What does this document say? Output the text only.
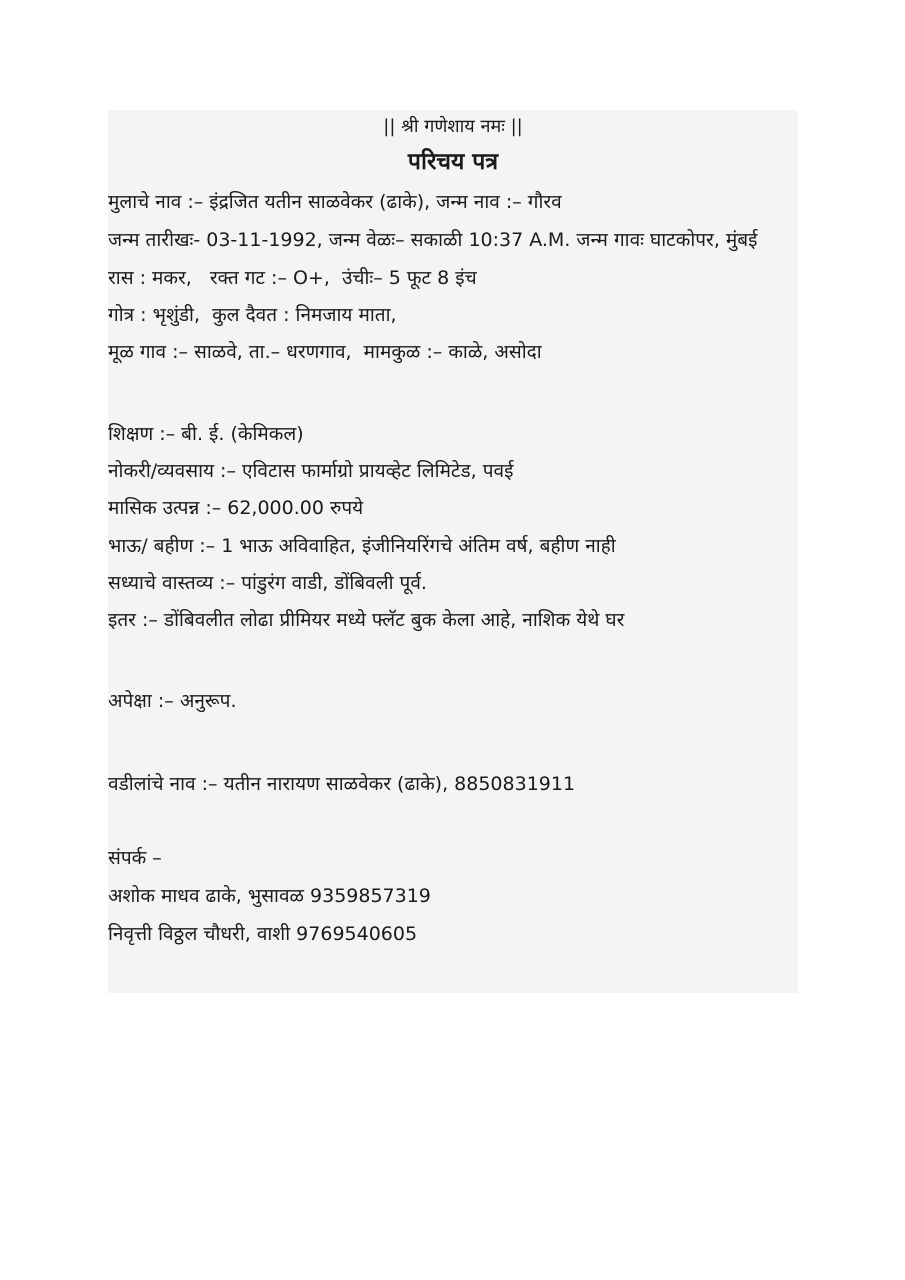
|| श्री गणेशाय नमः ||
परिचय पत्र
मुलाचे नाव :– इंद्रजित यतीन साळवेकर (ढाके), जन्म नाव :– गौरव
जन्म तारीखः- 03-11-1992, जन्म वेळः– सकाळी 10:37 A.M. जन्म गावः घाटकोपर, मुंबई
रास : मकर,   रक्त गट :– O+,  उंचीः– 5 फूट 8 इंच
गोत्र : भृशुंडी,  कुल दैवत : निमजाय माता,
मूळ गाव :– साळवे, ता.– धरणगाव,  मामकुळ :– काळे, असोदा
शिक्षण :– बी. ई. (केमिकल)
नोकरी/व्यवसाय :– एविटास फार्माग्रो प्रायव्हेट लिमिटेड, पवई
मासिक उत्पन्न :– 62,000.00 रुपये
भाऊ/ बहीण :– 1 भाऊ अविवाहित, इंजीनियरिंगचे अंतिम वर्ष, बहीण नाही
सध्याचे वास्तव्य :– पांडुरंग वाडी, डोंबिवली पूर्व.
इतर :– डोंबिवलीत लोढा प्रीमियर मध्ये फ्लॅट बुक केला आहे, नाशिक येथे घर
अपेक्षा :– अनुरूप.
वडीलांचे नाव :– यतीन नारायण साळवेकर (ढाके), 8850831911
संपर्क –
अशोक माधव ढाके, भुसावळ 9359857319
निवृत्ती विठ्ठल चौधरी, वाशी 9769540605
